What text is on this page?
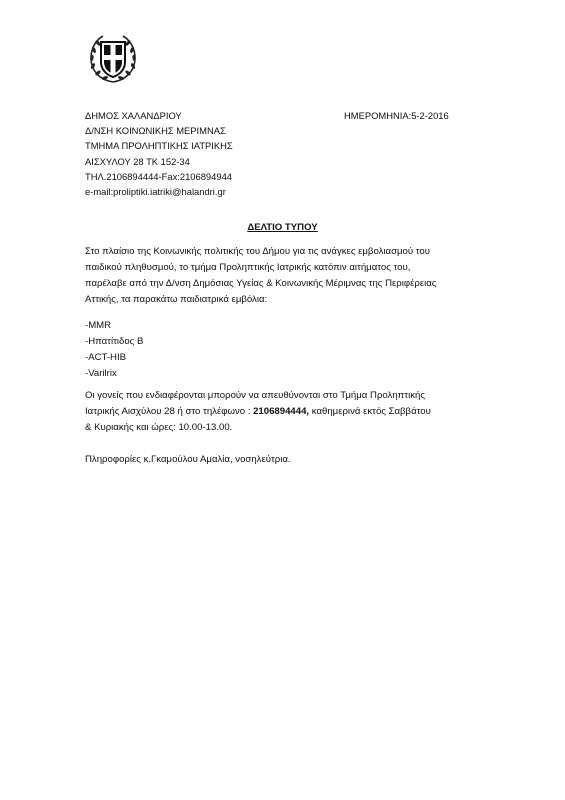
ΔΗΜΟΣ ΧΑΛΑΝΔΡΙΟΥ
Δ/ΝΣΗ ΚΟΙΝΩΝΙΚΗΣ ΜΕΡΙΜΝΑΣ
ΤΜΗΜΑ ΠΡΟΛΗΠΤΙΚΗΣ ΙΑΤΡΙΚΗΣ
ΑΙΣΧΥΛΟΥ 28 ΤΚ 152-34
ΤΗΛ.2106894444-Fax:2106894944
e-mail:proliptiki.iatriki@halandri.gr
ΗΜΕΡΟΜΗΝΙΑ:5-2-2016
ΔΕΛΤΙΟ ΤΥΠΟΥ

Στο πλαίσιο της Κοινωνικής πολιτικής του Δήμου για τις ανάγκες εμβολιασμού του
παιδικού πληθυσμού, το τμήμα Προληπτικής Ιατρικής κατόπιν αιτήματος του,
παρέλαβε από την Δ/νση Δημόσιας Υγείας & Κοινωνικής Μέριμνας της Περιφέρειας
Αττικής, τα παρακάτω παιδιατρικά εμβόλια:

-MMR

-Ηπατίτιδος Β

-ACT-HIB

-Varilrix

Οι γονείς που ενδιαφέρονται μπορούν να απευθύνονται στο Τμήμα Προληπτικής
Ιατρικής Αισχύλου 28 ή στο τηλέφωνο : 2106894444, καθημερινά εκτός Σαββάτου
& Κυριακής και ώρες: 10.00-13.00.

Πληροφορίες κ.Γκαμούλου Αμαλία, νοσηλεύτρια.
